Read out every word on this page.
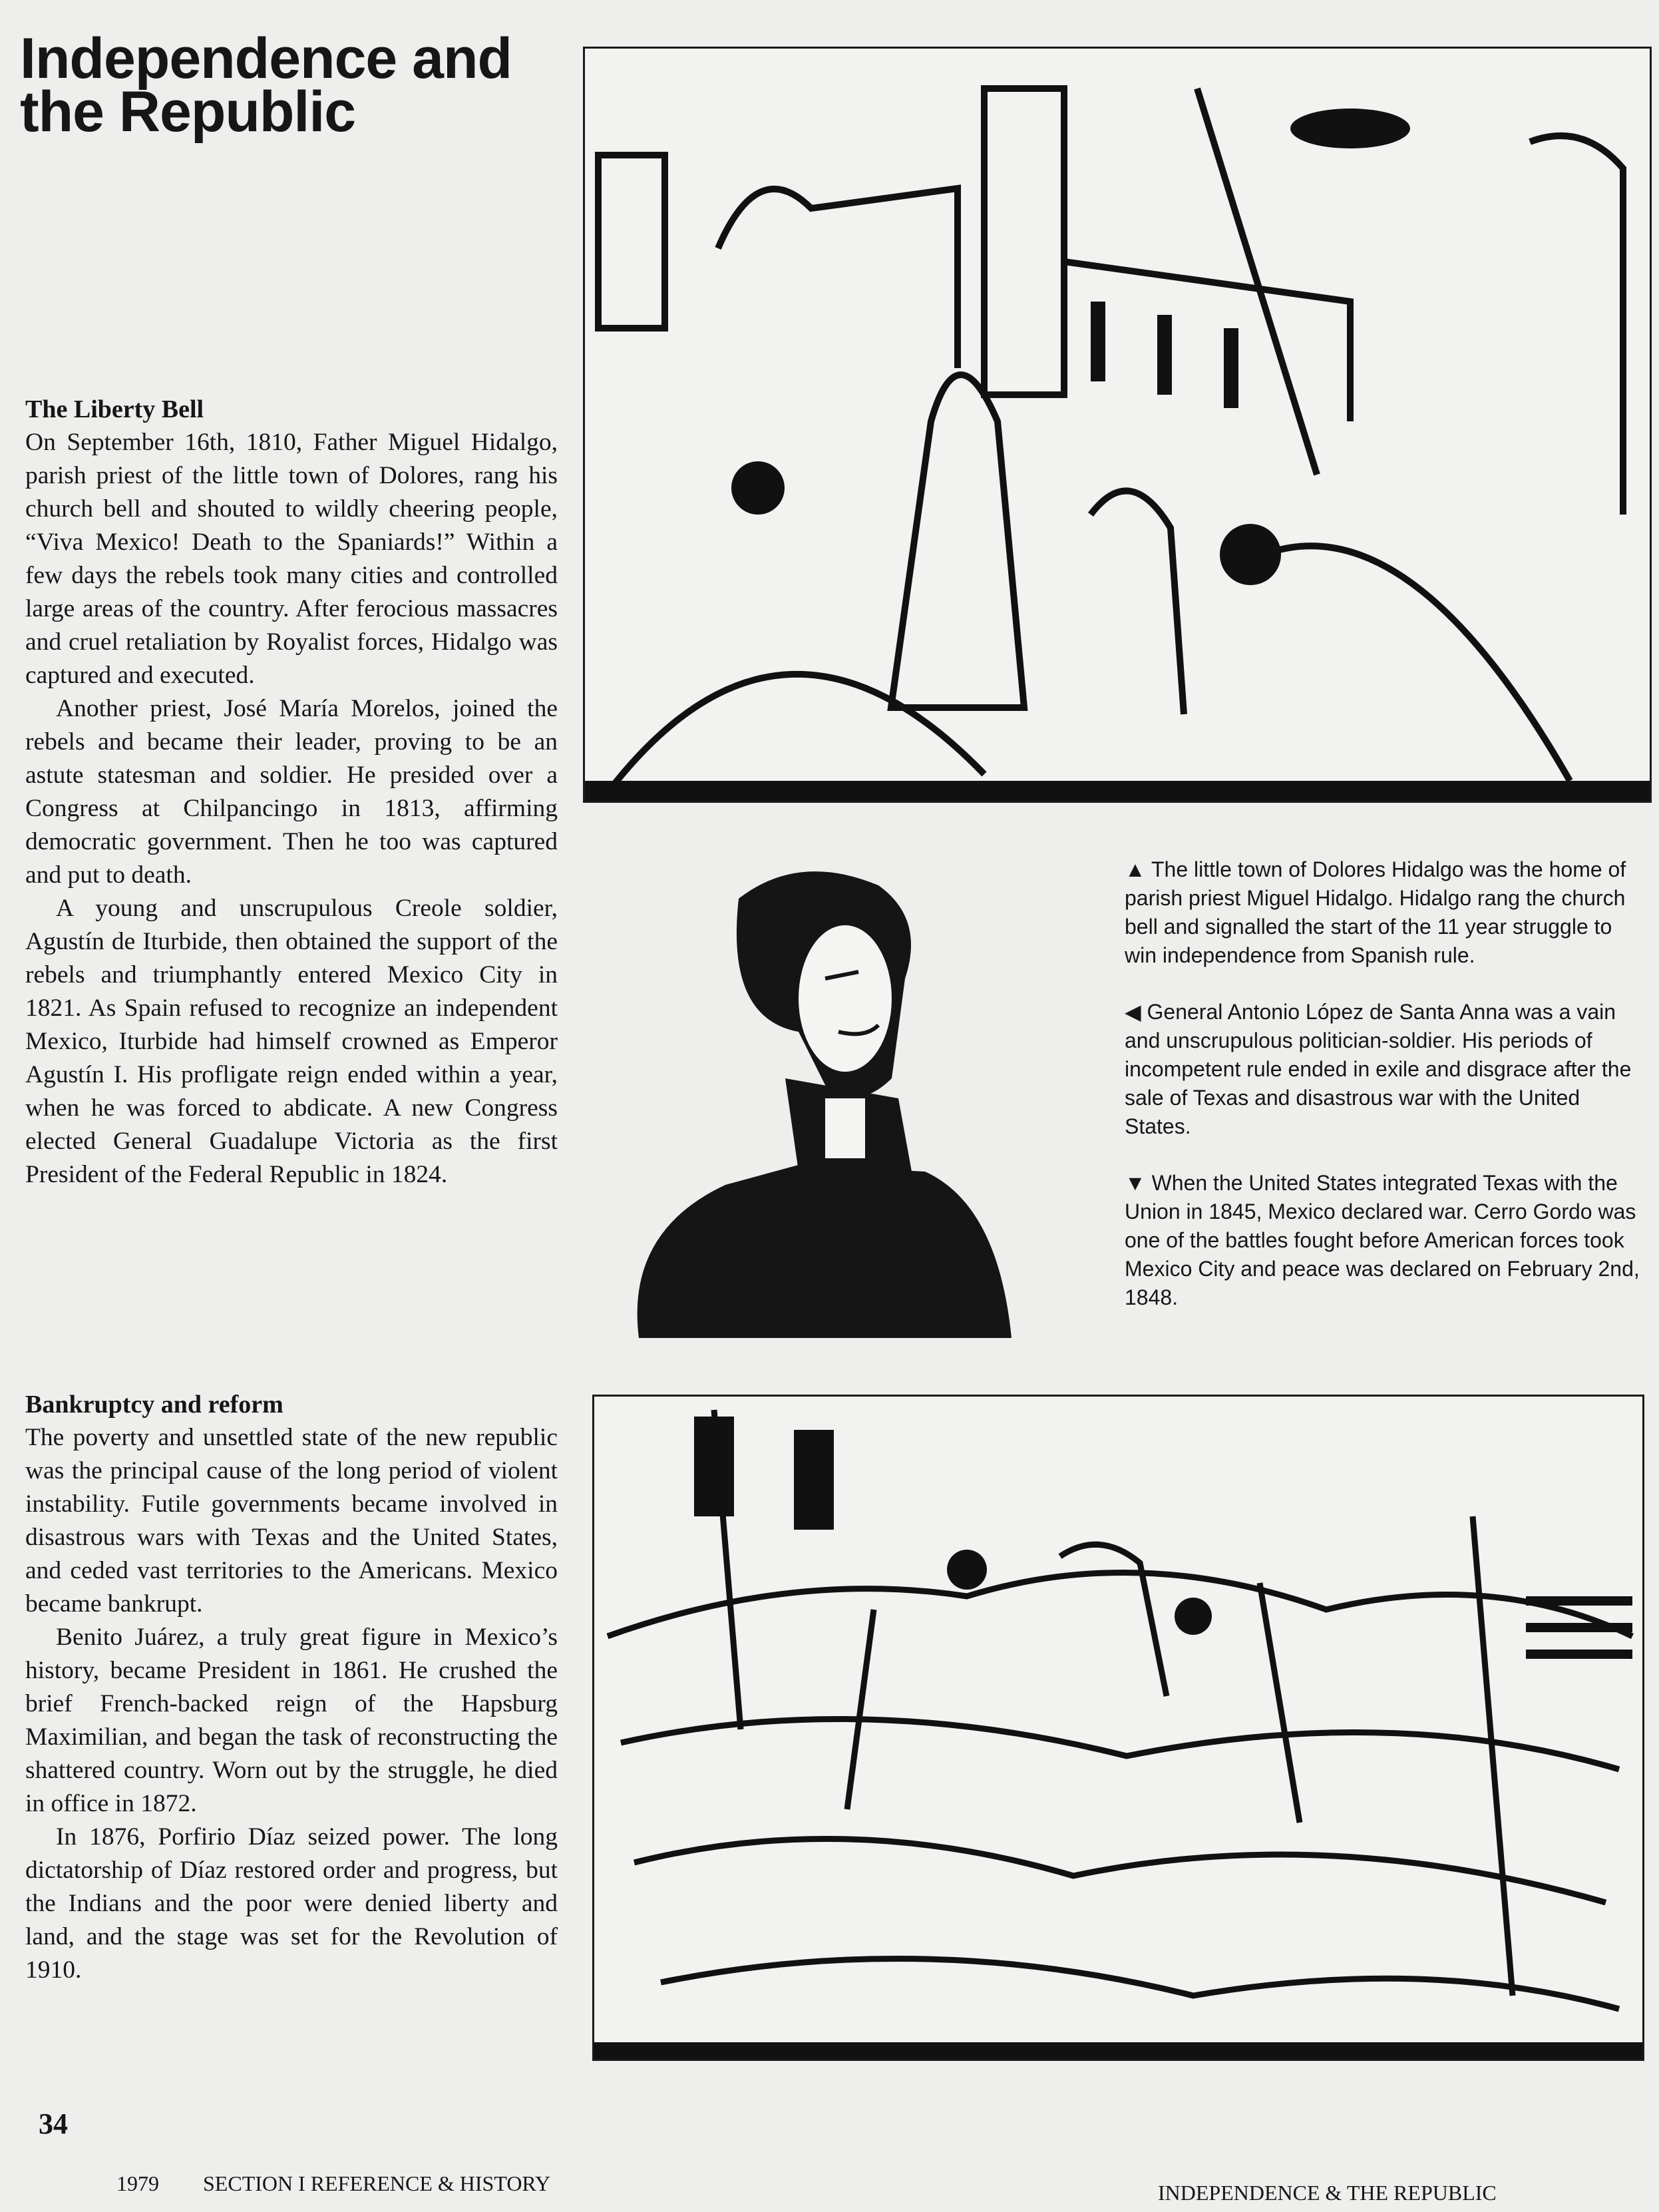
Independence and the Republic
The Liberty Bell

On September 16th, 1810, Father Miguel Hidalgo, parish priest of the little town of Dolores, rang his church bell and shouted to wildly cheering people, “Viva Mexico! Death to the Spaniards!” Within a few days the rebels took many cities and controlled large areas of the country. After ferocious massacres and cruel retaliation by Royalist forces, Hidalgo was captured and executed.

Another priest, José María Morelos, joined the rebels and became their leader, proving to be an astute statesman and soldier. He presided over a Congress at Chilpancingo in 1813, affirming democratic government. Then he too was captured and put to death.

A young and unscrupulous Creole soldier, Agustín de Iturbide, then obtained the support of the rebels and triumphantly entered Mexico City in 1821. As Spain refused to recognize an independent Mexico, Iturbide had himself crowned as Emperor Agustín I. His profligate reign ended within a year, when he was forced to abdicate. A new Congress elected General Guadalupe Victoria as the first President of the Federal Republic in 1824.

Bankruptcy and reform

The poverty and unsettled state of the new republic was the principal cause of the long period of violent instability. Futile governments became involved in disastrous wars with Texas and the United States, and ceded vast territories to the Americans. Mexico became bankrupt.

Benito Juárez, a truly great figure in Mexico’s history, became President in 1861. He crushed the brief French-backed reign of the Hapsburg Maximilian, and began the task of reconstructing the shattered country. Worn out by the struggle, he died in office in 1872.

In 1876, Porfirio Díaz seized power. The long dictatorship of Díaz restored order and progress, but the Indians and the poor were denied liberty and land, and the stage was set for the Revolution of 1910.

▲ The little town of Dolores Hidalgo was the home of parish priest Miguel Hidalgo. Hidalgo rang the church bell and signalled the start of the 11 year struggle to win independence from Spanish rule.

◀ General Antonio López de Santa Anna was a vain and unscrupulous politician-soldier. His periods of incompetent rule ended in exile and disgrace after the sale of Texas and disastrous war with the United States.

▼ When the United States integrated Texas with the Union in 1845, Mexico declared war. Cerro Gordo was one of the battles fought before American forces took Mexico City and peace was declared on February 2nd, 1848.

34
1979 SECTION I REFERENCE & HISTORY	INDEPENDENCE & THE REPUBLIC
